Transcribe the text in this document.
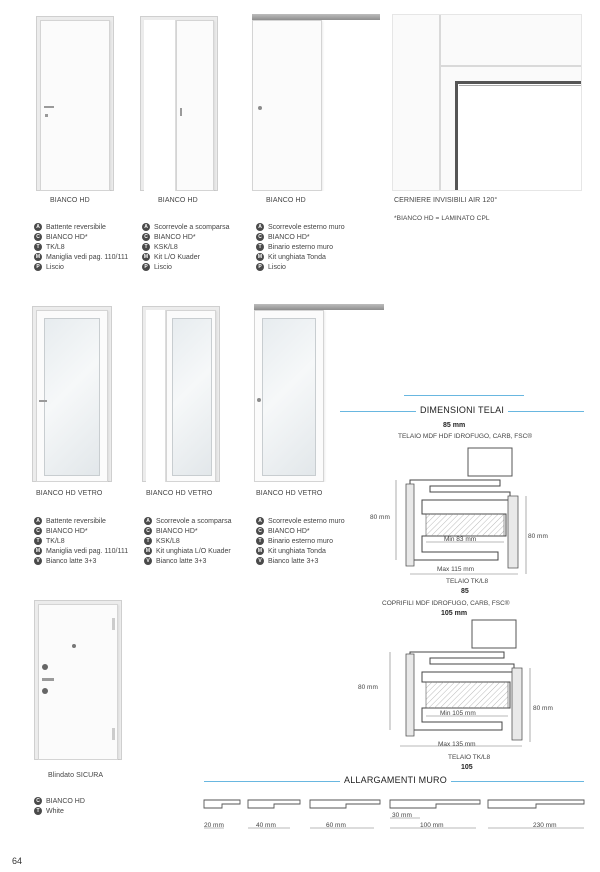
BIANCO HD	BIANCO HD	BIANCO HD	CERNIERE INVISIBILI AIR 120°
*BIANCO HD = LAMINATO CPL
A Battente reversibile
C BIANCO HD*
T TK/L8
M Maniglia vedi pag. 110/111
P Liscio
A Scorrevole a scomparsa
C BIANCO HD*
T KSK/L8
M Kit L/O Kuader
P Liscio
A Scorrevole esterno muro
C BIANCO HD*
T Binario esterno muro
M Kit unghiata Tonda
P Liscio
BIANCO HD VETRO	BIANCO HD VETRO	BIANCO HD VETRO
A Battente reversibile
C BIANCO HD*
T TK/L8
M Maniglia vedi pag. 110/111
V Bianco latte 3+3
A Scorrevole a scomparsa
C BIANCO HD*
T KSK/L8
M Kit unghiata L/O Kuader
V Bianco latte 3+3
A Scorrevole esterno muro
C BIANCO HD*
T Binario esterno muro
M Kit unghiata Tonda
V Bianco latte 3+3
Blindato SICURA
C BIANCO HD
T White
DIMENSIONI TELAI
85 mm
TELAIO MDF HDF IDROFUGO, CARB, FSC®
80 mm
80 mm
Min 83 mm
Max 115 mm
TELAIO TK/L8
85
COPRIFILI MDF IDROFUGO, CARB, FSC®
105 mm
80 mm
80 mm
Min 105 mm
Max 135 mm
TELAIO TK/L8
105
ALLARGAMENTI MURO
20 mm	40 mm	60 mm
30 mm
100 mm	230 mm
64
